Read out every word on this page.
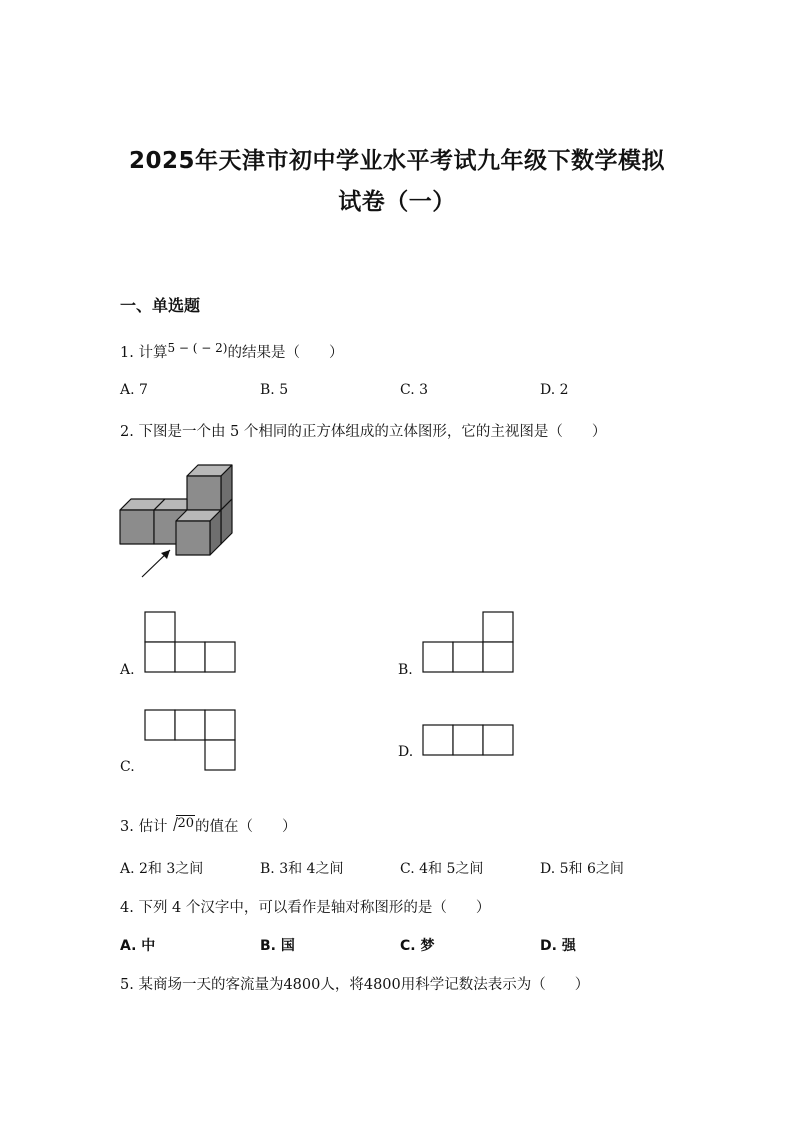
2025年天津市初中学业水平考试九年级下数学模拟
试卷（一）
一、单选题
1. 计算$^{5 - ( - 2)}$的结果是（　　）
A. 7	B. 5	C. 3	D. 2
2. 下图是一个由 5 个相同的正方体组成的立体图形，它的主视图是（　　）
A.	B.
C.
D.
3. 估计 20的值在（　　）
A. 2和 3之间	B. 3和 4之间	C. 4和 5之间	D. 5和 6之间
4. 下列 4 个汉字中，可以看作是轴对称图形的是（　　）
A. 中	B. 国	C. 梦	D. 强
5. 某商场一天的客流量为4800人，将4800用科学记数法表示为（　　）
